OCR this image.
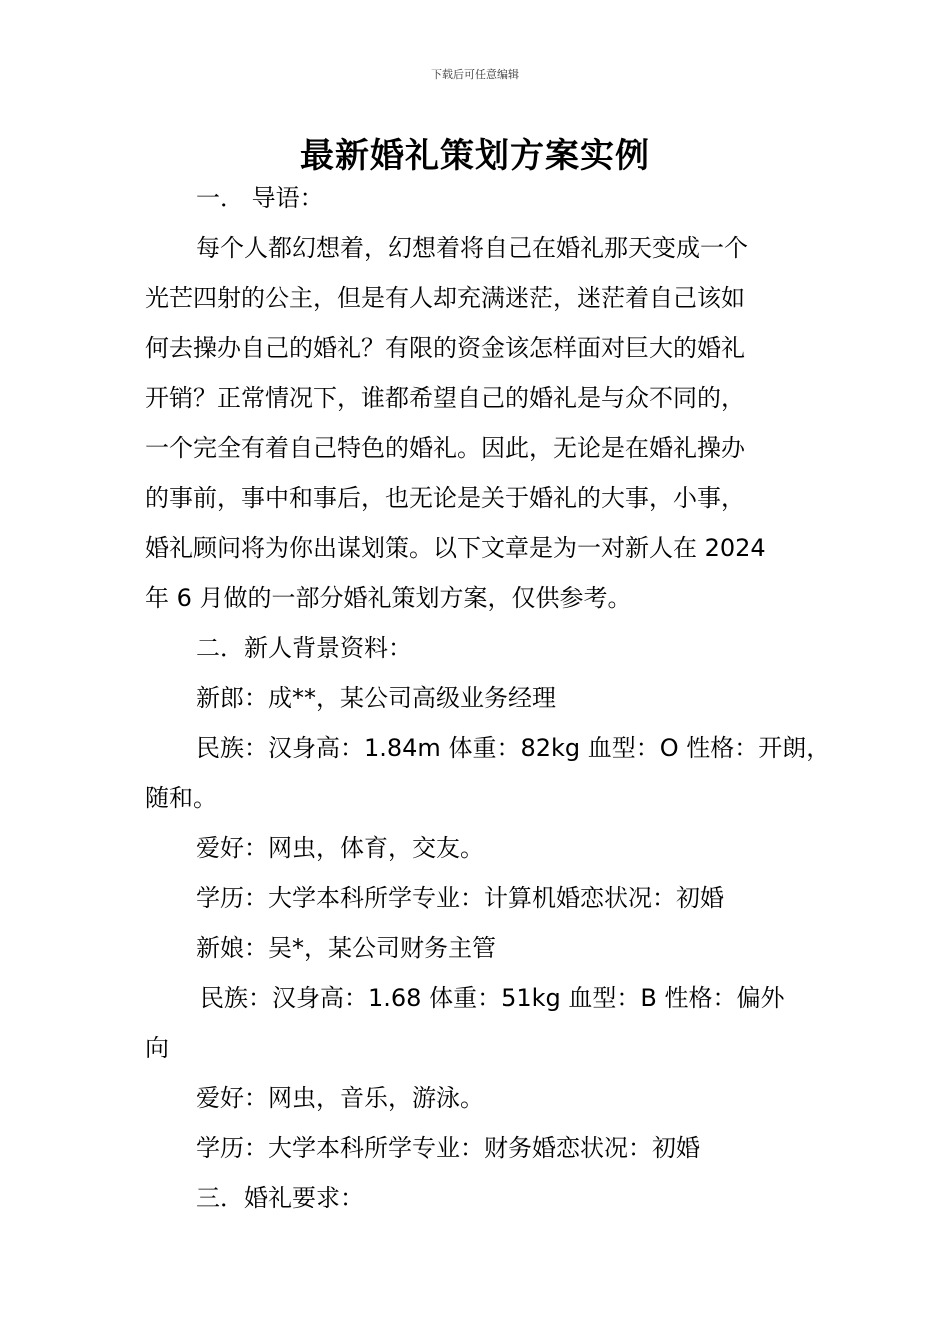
下载后可任意编辑
最新婚礼策划方案实例
一． 导语：
每个人都幻想着，幻想着将自己在婚礼那天变成一个
光芒四射的公主，但是有人却充满迷茫，迷茫着自己该如
何去操办自己的婚礼？有限的资金该怎样面对巨大的婚礼
开销？正常情况下，谁都希望自己的婚礼是与众不同的，
一个完全有着自己特色的婚礼。因此，无论是在婚礼操办
的事前，事中和事后，也无论是关于婚礼的大事，小事，
婚礼顾问将为你出谋划策。以下文章是为一对新人在 2024
年 6 月做的一部分婚礼策划方案，仅供参考。
二．新人背景资料：
新郎：成**，某公司高级业务经理
民族：汉身高：1.84m 体重：82kg 血型：O 性格：开朗，
随和。
爱好：网虫，体育，交友。
学历：大学本科所学专业：计算机婚恋状况：初婚
新娘：吴*，某公司财务主管
民族：汉身高：1.68 体重：51kg 血型：B 性格：偏外
向
爱好：网虫，音乐，游泳。
学历：大学本科所学专业：财务婚恋状况：初婚
三．婚礼要求：
